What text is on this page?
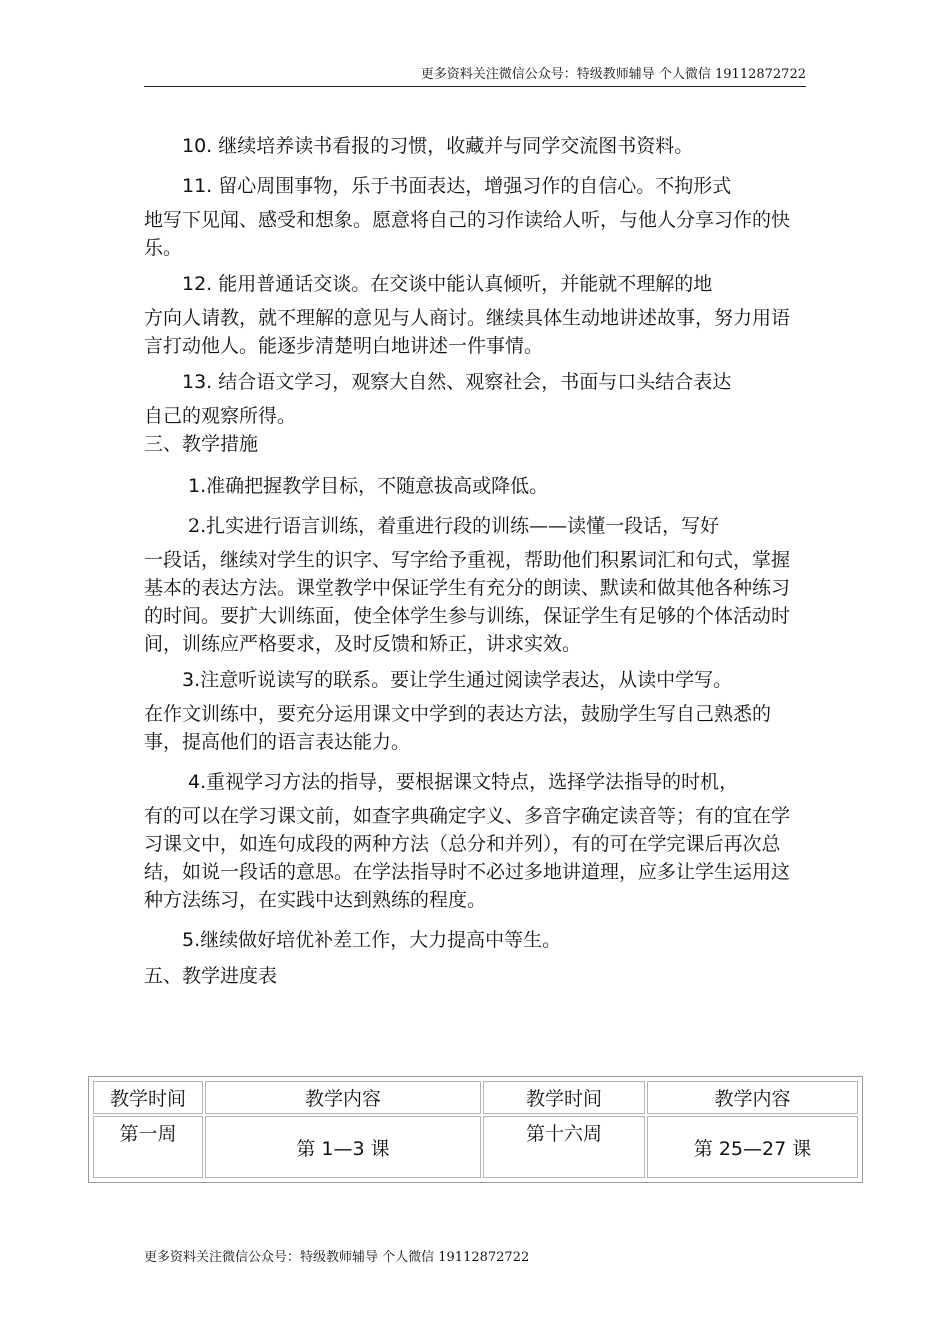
更多资料关注微信公众号：特级教师辅导 个人微信 19112872722

10. 继续培养读书看报的习惯，收藏并与同学交流图书资料。

11. 留心周围事物，乐于书面表达，增强习作的自信心。不拘形式

地写下见闻、感受和想象。愿意将自己的习作读给人听，与他人分享习作的快乐。

12. 能用普通话交谈。在交谈中能认真倾听，并能就不理解的地

方向人请教，就不理解的意见与人商讨。继续具体生动地讲述故事，努力用语言打动他人。能逐步清楚明白地讲述一件事情。

13. 结合语文学习，观察大自然、观察社会，书面与口头结合表达

自己的观察所得。

三、教学措施

1.准确把握教学目标，不随意拔高或降低。

2.扎实进行语言训练，着重进行段的训练——读懂一段话，写好

一段话，继续对学生的识字、写字给予重视，帮助他们积累词汇和句式，掌握基本的表达方法。课堂教学中保证学生有充分的朗读、默读和做其他各种练习的时间。要扩大训练面，使全体学生参与训练，保证学生有足够的个体活动时间，训练应严格要求，及时反馈和矫正，讲求实效。

3.注意听说读写的联系。要让学生通过阅读学表达，从读中学写。

在作文训练中，要充分运用课文中学到的表达方法，鼓励学生写自己熟悉的事，提高他们的语言表达能力。

4.重视学习方法的指导，要根据课文特点，选择学法指导的时机，

有的可以在学习课文前，如查字典确定字义、多音字确定读音等；有的宜在学习课文中，如连句成段的两种方法（总分和并列），有的可在学完课后再次总结，如说一段话的意思。在学法指导时不必过多地讲道理，应多让学生运用这种方法练习，在实践中达到熟练的程度。

5.继续做好培优补差工作，大力提高中等生。

五、教学进度表

教学时间	教学内容	教学时间	教学内容
第一周	第 1—3 课	第十六周	第 25—27 课
更多资料关注微信公众号：特级教师辅导 个人微信 19112872722
